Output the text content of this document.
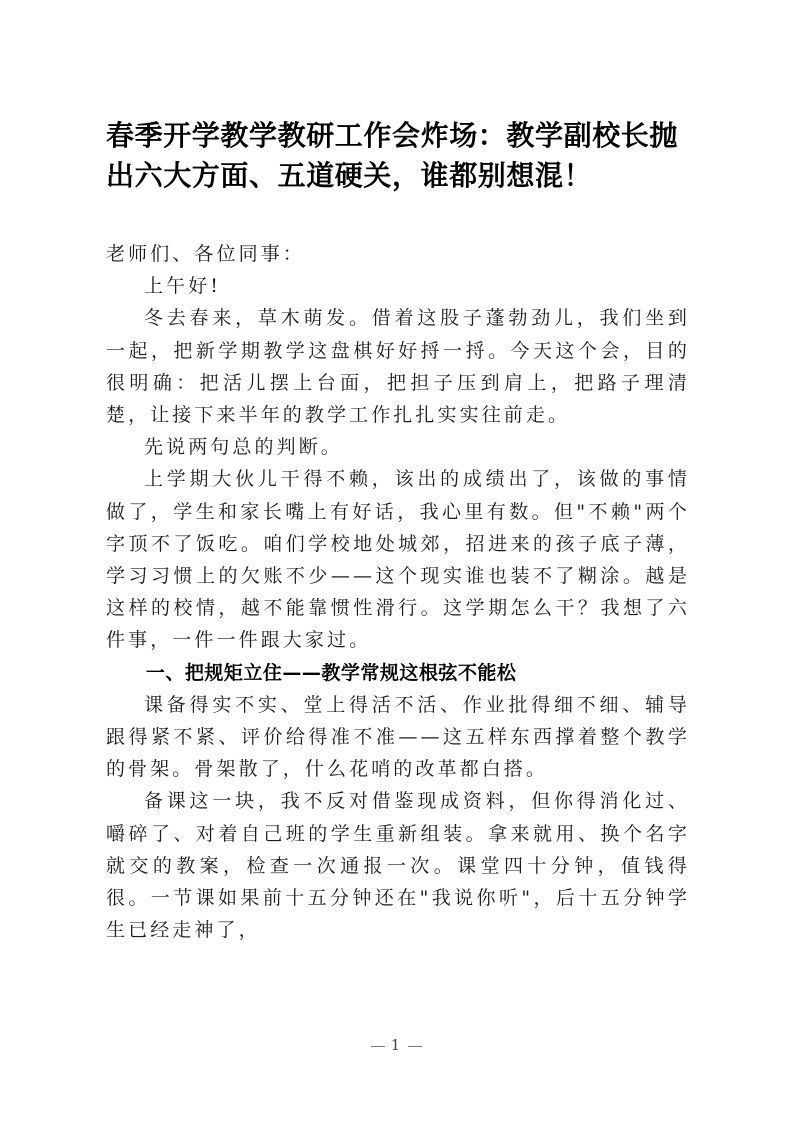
春季开学教学教研工作会炸场：教学副校长抛出六大方面、五道硬关，谁都别想混！

老师们、各位同事：

上午好!

冬去春来，草木萌发。借着这股子蓬勃劲儿，我们坐到一起，把新学期教学这盘棋好好捋一捋。今天这个会，目的很明确：把活儿摆上台面，把担子压到肩上，把路子理清楚，让接下来半年的教学工作扎扎实实往前走。

先说两句总的判断。

上学期大伙儿干得不赖，该出的成绩出了，该做的事情做了，学生和家长嘴上有好话，我心里有数。但"不赖"两个字顶不了饭吃。咱们学校地处城郊，招进来的孩子底子薄，学习习惯上的欠账不少——这个现实谁也装不了糊涂。越是这样的校情，越不能靠惯性滑行。这学期怎么干？我想了六件事，一件一件跟大家过。

一、把规矩立住——教学常规这根弦不能松

课备得实不实、堂上得活不活、作业批得细不细、辅导跟得紧不紧、评价给得准不准——这五样东西撑着整个教学的骨架。骨架散了，什么花哨的改革都白搭。

备课这一块，我不反对借鉴现成资料，但你得消化过、嚼碎了、对着自己班的学生重新组装。拿来就用、换个名字就交的教案，检查一次通报一次。课堂四十分钟，值钱得很。一节课如果前十五分钟还在"我说你听"，后十五分钟学生已经走神了，

1
